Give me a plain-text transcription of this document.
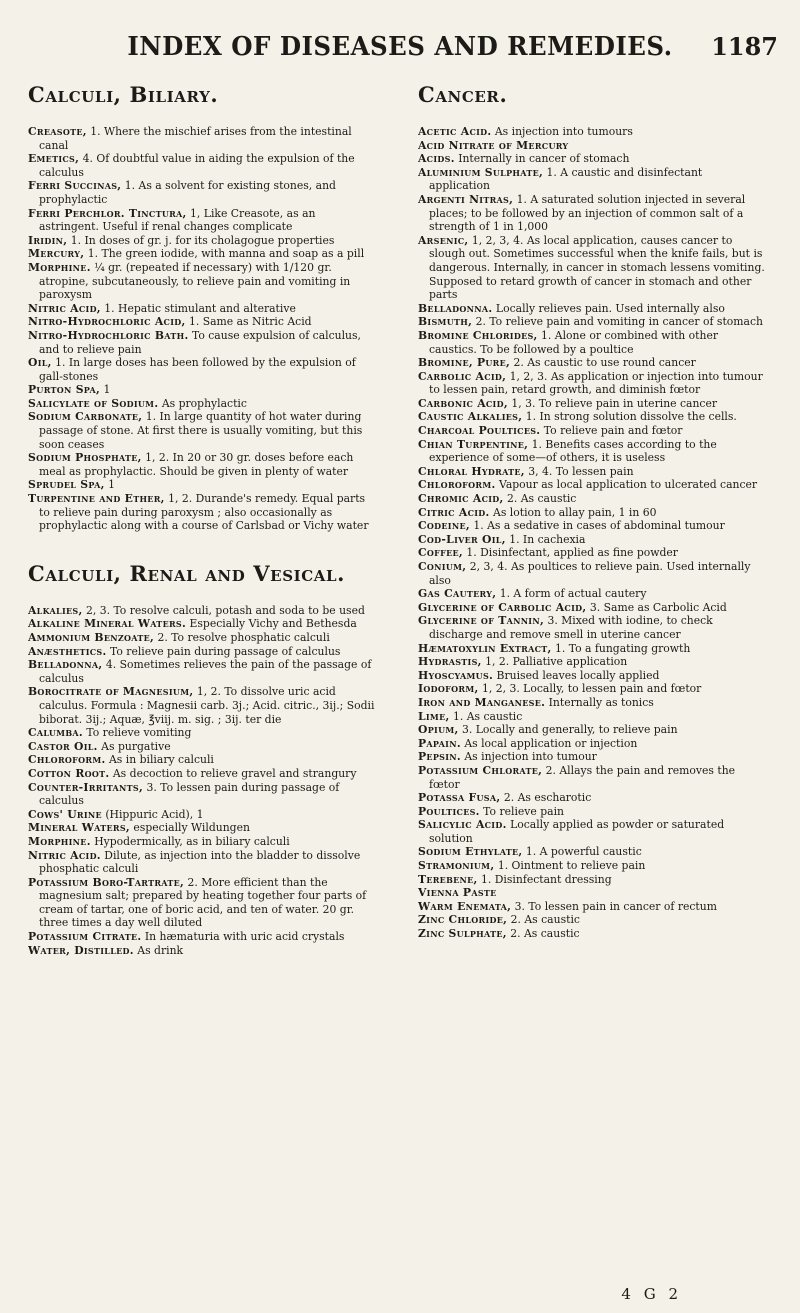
INDEX OF DISEASES AND REMEDIES.	1187
Calculi, Biliary.
Creasote, 1. Where the mischief arises from the intestinal canal
Emetics, 4. Of doubtful value in aiding the expulsion of the calculus
Ferri Succinas, 1. As a solvent for existing stones, and prophylactic
Ferri Perchlor. Tinctura, 1, Like Creasote, as an astringent. Useful if renal changes complicate
Iridin, 1. In doses of gr. j. for its cholagogue properties
Mercury, 1. The green iodide, with manna and soap as a pill
Morphine. ¼ gr. (repeated if necessary) with 1/120 gr. atropine, subcutaneously, to relieve pain and vomiting in paroxysm
Nitric Acid, 1. Hepatic stimulant and alterative
Nitro-Hydrochloric Acid, 1. Same as Nitric Acid
Nitro-Hydrochloric Bath. To cause expulsion of calculus, and to relieve pain
Oil, 1. In large doses has been followed by the expulsion of gall-stones
Purton Spa, 1
Salicylate of Sodium. As prophylactic
Sodium Carbonate, 1. In large quantity of hot water during passage of stone. At first there is usually vomiting, but this soon ceases
Sodium Phosphate, 1, 2. In 20 or 30 gr. doses before each meal as prophylactic. Should be given in plenty of water
Sprudel Spa, 1
Turpentine and Ether, 1, 2. Durande's remedy. Equal parts to relieve pain during paroxysm ; also occasionally as prophylactic along with a course of Carlsbad or Vichy water
Calculi, Renal and Vesical.
Alkalies, 2, 3. To resolve calculi, potash and soda to be used
Alkaline Mineral Waters. Especially Vichy and Bethesda
Ammonium Benzoate, 2. To resolve phosphatic calculi
Anæsthetics. To relieve pain during passage of calculus
Belladonna, 4. Sometimes relieves the pain of the passage of calculus
Borocitrate of Magnesium, 1, 2. To dissolve uric acid calculus. Formula : Magnesii carb. 3j.; Acid. citric., 3ij.; Sodii biborat. 3ij.; Aquæ, ℥viij. m. sig. ; 3ij. ter die
Calumba. To relieve vomiting
Castor Oil. As purgative
Chloroform. As in biliary calculi
Cotton Root. As decoction to relieve gravel and strangury
Counter-Irritants, 3. To lessen pain during passage of calculus
Cows' Urine (Hippuric Acid), 1
Mineral Waters, especially Wildungen
Morphine. Hypodermically, as in biliary calculi
Nitric Acid. Dilute, as injection into the bladder to dissolve phosphatic calculi
Potassium Boro-Tartrate, 2. More efficient than the magnesium salt; prepared by heating together four parts of cream of tartar, one of boric acid, and ten of water. 20 gr. three times a day well diluted
Potassium Citrate. In hæmaturia with uric acid crystals
Water, Distilled. As drink
Cancer.
Acetic Acid. As injection into tumours
Acid Nitrate of Mercury
Acids. Internally in cancer of stomach
Aluminium Sulphate, 1. A caustic and disinfectant application
Argenti Nitras, 1. A saturated solution injected in several places; to be followed by an injection of common salt of a strength of 1 in 1,000
Arsenic, 1, 2, 3, 4. As local application, causes cancer to slough out. Sometimes successful when the knife fails, but is dangerous. Internally, in cancer in stomach lessens vomiting. Supposed to retard growth of cancer in stomach and other parts
Belladonna. Locally relieves pain. Used internally also
Bismuth, 2. To relieve pain and vomiting in cancer of stomach
Bromine Chlorides, 1. Alone or combined with other caustics. To be followed by a poultice
Bromine, Pure, 2. As caustic to use round cancer
Carbolic Acid, 1, 2, 3. As application or injection into tumour to lessen pain, retard growth, and diminish fœtor
Carbonic Acid, 1, 3. To relieve pain in uterine cancer
Caustic Alkalies, 1. In strong solution dissolve the cells.
Charcoal Poultices. To relieve pain and fœtor
Chian Turpentine, 1. Benefits cases according to the experience of some—of others, it is useless
Chloral Hydrate, 3, 4. To lessen pain
Chloroform. Vapour as local application to ulcerated cancer
Chromic Acid, 2. As caustic
Citric Acid. As lotion to allay pain, 1 in 60
Codeine, 1. As a sedative in cases of abdominal tumour
Cod-Liver Oil, 1. In cachexia
Coffee, 1. Disinfectant, applied as fine powder
Conium, 2, 3, 4. As poultices to relieve pain. Used internally also
Gas Cautery, 1. A form of actual cautery
Glycerine of Carbolic Acid, 3. Same as Carbolic Acid
Glycerine of Tannin, 3. Mixed with iodine, to check discharge and remove smell in uterine cancer
Hæmatoxylin Extract, 1. To a fungating growth
Hydrastis, 1, 2. Palliative application
Hyoscyamus. Bruised leaves locally applied
Iodoform, 1, 2, 3. Locally, to lessen pain and fœtor
Iron and Manganese. Internally as tonics
Lime, 1. As caustic
Opium, 3. Locally and generally, to relieve pain
Papain. As local application or injection
Pepsin. As injection into tumour
Potassium Chlorate, 2. Allays the pain and removes the fœtor
Potassa Fusa, 2. As escharotic
Poultices. To relieve pain
Salicylic Acid. Locally applied as powder or saturated solution
Sodium Ethylate, 1. A powerful caustic
Stramonium, 1. Ointment to relieve pain
Terebene, 1. Disinfectant dressing
Vienna Paste
Warm Enemata, 3. To lessen pain in cancer of rectum
Zinc Chloride, 2. As caustic
Zinc Sulphate, 2. As caustic
4 G 2
